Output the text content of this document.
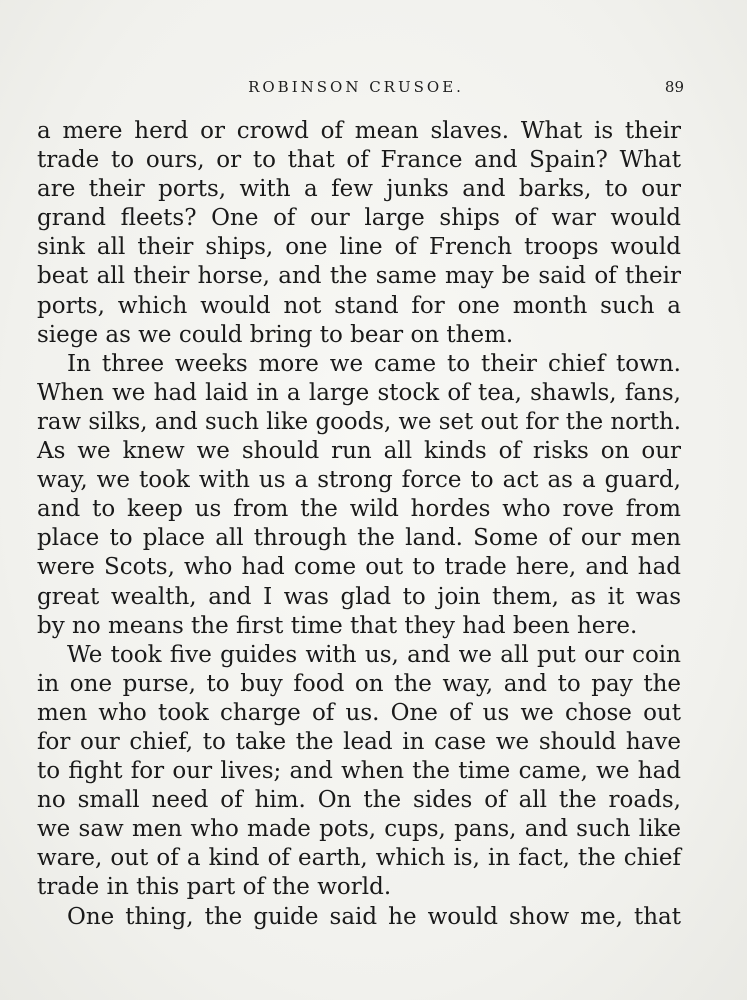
ROBINSON CRUSOE.	89

a mere herd or crowd of mean slaves. What is their
trade to ours, or to that of France and Spain? What
are their ports, with a few junks and barks, to our
grand fleets? One of our large ships of war would
sink all their ships, one line of French troops would
beat all their horse, and the same may be said of their
ports, which would not stand for one month such a
siege as we could bring to bear on them.

In three weeks more we came to their chief town.
When we had laid in a large stock of tea, shawls, fans,
raw silks, and such like goods, we set out for the north.
As we knew we should run all kinds of risks on our
way, we took with us a strong force to act as a guard,
and to keep us from the wild hordes who rove from
place to place all through the land. Some of our men
were Scots, who had come out to trade here, and had
great wealth, and I was glad to join them, as it was
by no means the first time that they had been here.

We took five guides with us, and we all put our coin
in one purse, to buy food on the way, and to pay the
men who took charge of us. One of us we chose out
for our chief, to take the lead in case we should have
to fight for our lives; and when the time came, we had
no small need of him. On the sides of all the roads,
we saw men who made pots, cups, pans, and such like
ware, out of a kind of earth, which is, in fact, the chief
trade in this part of the world.

One thing, the guide said he would show me, that
